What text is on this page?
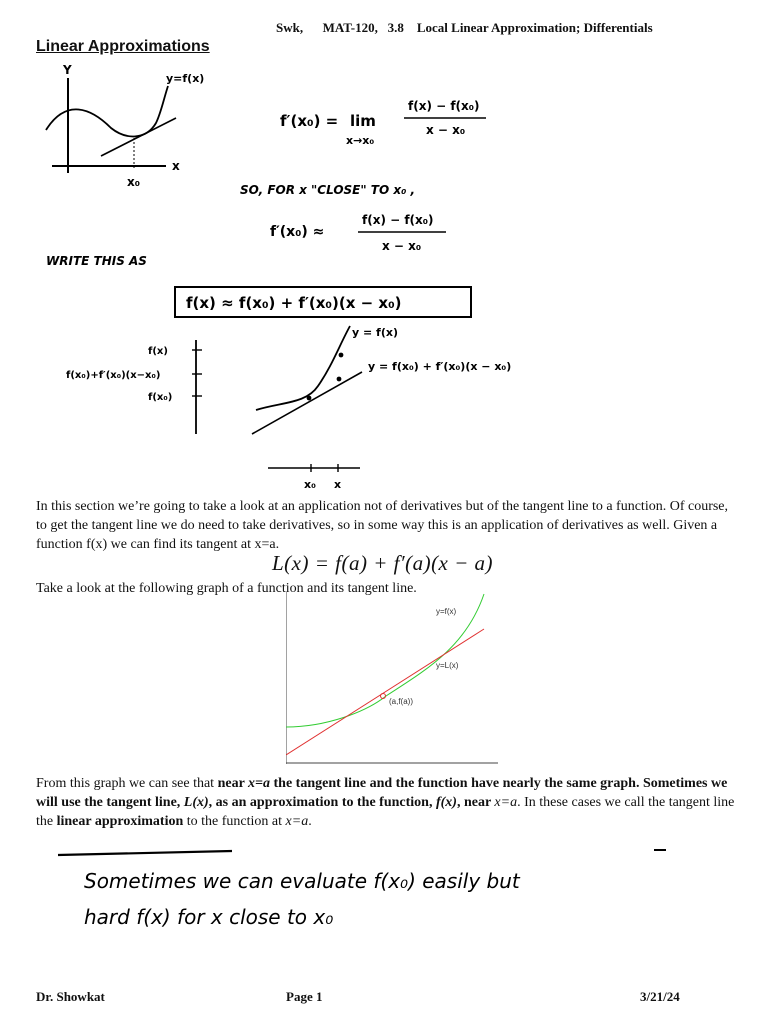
Swk,      MAT-120,   3.8    Local Linear Approximation; Differentials
Linear Approximations
Y
y=f(x)
x
x₀
f′(x₀) = lim
x→x₀
f(x) − f(x₀)
x − x₀
SO, FOR x "CLOSE" TO x₀ ,
f′(x₀) ≈
f(x) − f(x₀)
x − x₀
WRITE THIS AS
f(x) ≈ f(x₀) + f′(x₀)(x − x₀)
f(x)
f(x₀)+f′(x₀)(x−x₀)
f(x₀)
y = f(x)
y = f(x₀) + f′(x₀)(x − x₀)
x₀ x
In this section we’re going to take a look at an application not of derivatives but of the tangent line to a function. Of course, to get the tangent line we do need to take derivatives, so in some way this is an application of derivatives as well. Given a function f(x) we can find its tangent at x=a.
L(x) = f(a) + f′(a)(x − a)
Take a look at the following graph of a function and its tangent line.
y=f(x)
y=L(x)
(a,f(a))
From this graph we can see that near x=a the tangent line and the function have nearly the same graph. Sometimes we will use the tangent line, L(x), as an approximation to the function, f(x), near x=a. In these cases we call the tangent line the linear approximation to the function at x=a.
Sometimes we can evaluate f(x₀) easily but
hard f(x) for x close to x₀
Dr. Showkat	Page 1	3/21/24
